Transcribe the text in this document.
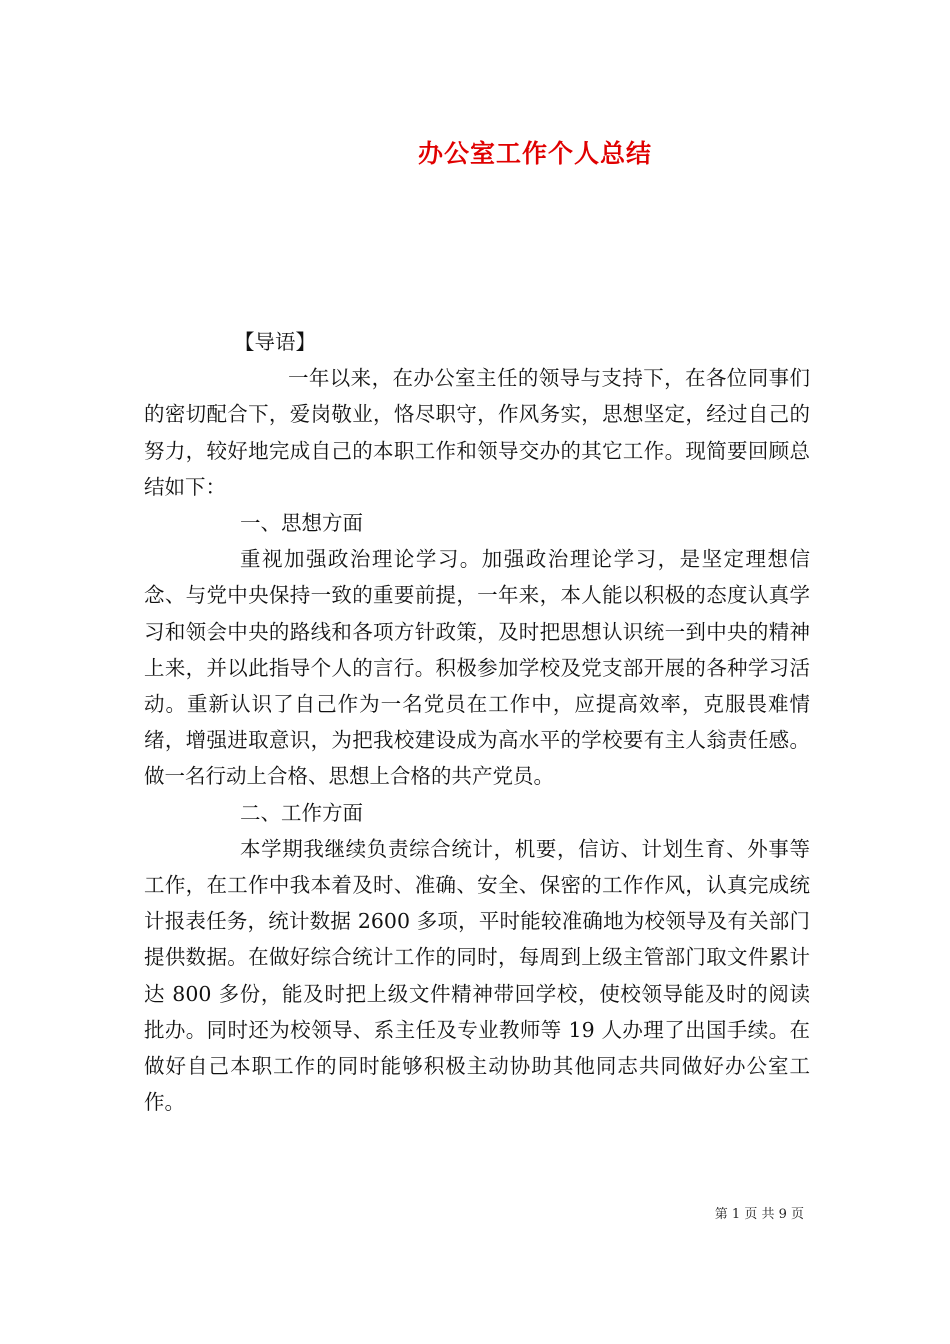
办公室工作个人总结

【导语】

一年以来，在办公室主任的领导与支持下，在各位同事们的密切配合下，爱岗敬业，恪尽职守，作风务实，思想坚定，经过自己的努力，较好地完成自己的本职工作和领导交办的其它工作。现简要回顾总结如下：

一、思想方面

重视加强政治理论学习。加强政治理论学习，是坚定理想信念、与党中央保持一致的重要前提，一年来，本人能以积极的态度认真学习和领会中央的路线和各项方针政策，及时把思想认识统一到中央的精神上来，并以此指导个人的言行。积极参加学校及党支部开展的各种学习活动。重新认识了自己作为一名党员在工作中，应提高效率，克服畏难情绪，增强进取意识，为把我校建设成为高水平的学校要有主人翁责任感。做一名行动上合格、思想上合格的共产党员。

二、工作方面

本学期我继续负责综合统计，机要，信访、计划生育、外事等工作，在工作中我本着及时、准确、安全、保密的工作作风，认真完成统计报表任务，统计数据 2600 多项，平时能较准确地为校领导及有关部门提供数据。在做好综合统计工作的同时，每周到上级主管部门取文件累计达 800 多份，能及时把上级文件精神带回学校，使校领导能及时的阅读批办。同时还为校领导、系主任及专业教师等 19 人办理了出国手续。在做好自己本职工作的同时能够积极主动协助其他同志共同做好办公室工作。

第 1 页 共 9 页
